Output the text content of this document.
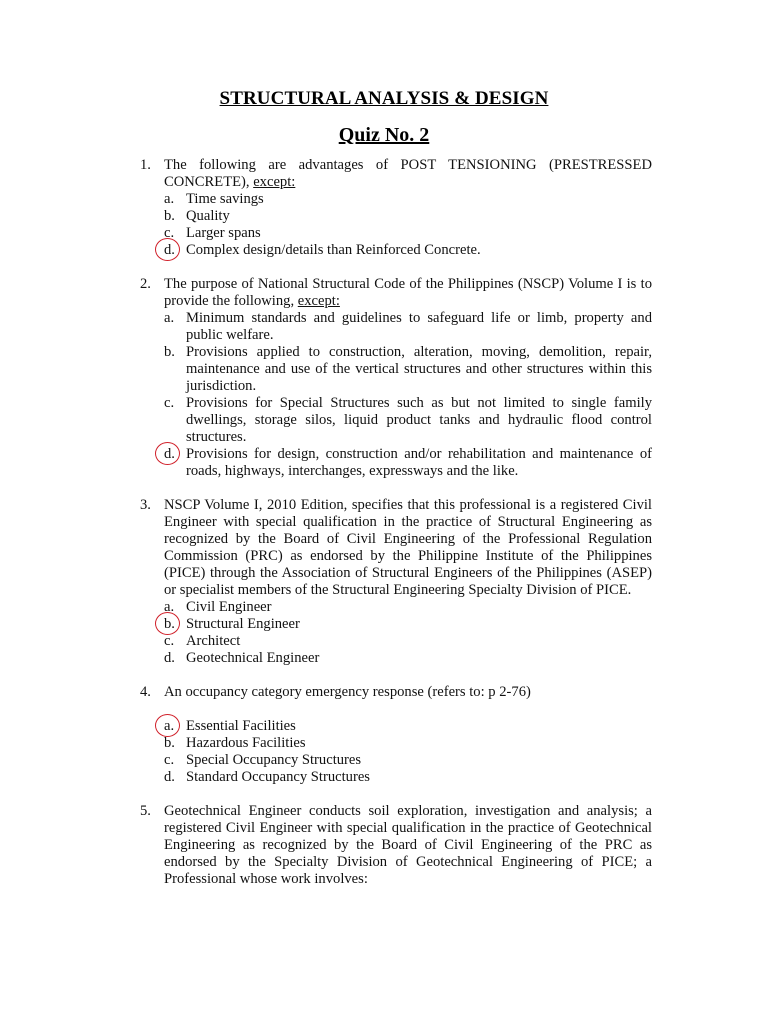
STRUCTURAL ANALYSIS & DESIGN
Quiz No. 2
1. The following are advantages of POST TENSIONING (PRESTRESSED CONCRETE), except:
a. Time savings
b. Quality
c. Larger spans
d. Complex design/details than Reinforced Concrete.
2. The purpose of National Structural Code of the Philippines (NSCP) Volume I is to provide the following, except:
a. Minimum standards and guidelines to safeguard life or limb, property and public welfare.
b. Provisions applied to construction, alteration, moving, demolition, repair, maintenance and use of the vertical structures and other structures within this jurisdiction.
c. Provisions for Special Structures such as but not limited to single family dwellings, storage silos, liquid product tanks and hydraulic flood control structures.
d. Provisions for design, construction and/or rehabilitation and maintenance of roads, highways, interchanges, expressways and the like.
3. NSCP Volume I, 2010 Edition, specifies that this professional is a registered Civil Engineer with special qualification in the practice of Structural Engineering as recognized by the Board of Civil Engineering of the Professional Regulation Commission (PRC) as endorsed by the Philippine Institute of the Philippines (PICE) through the Association of Structural Engineers of the Philippines (ASEP) or specialist members of the Structural Engineering Specialty Division of PICE.
a. Civil Engineer
b. Structural Engineer
c. Architect
d. Geotechnical Engineer
4. An occupancy category emergency response (refers to: p 2-76)
a. Essential Facilities
b. Hazardous Facilities
c. Special Occupancy Structures
d. Standard Occupancy Structures
5. Geotechnical Engineer conducts soil exploration, investigation and analysis; a registered Civil Engineer with special qualification in the practice of Geotechnical Engineering as recognized by the Board of Civil Engineering of the PRC as endorsed by the Specialty Division of Geotechnical Engineering of PICE; a Professional whose work involves:
